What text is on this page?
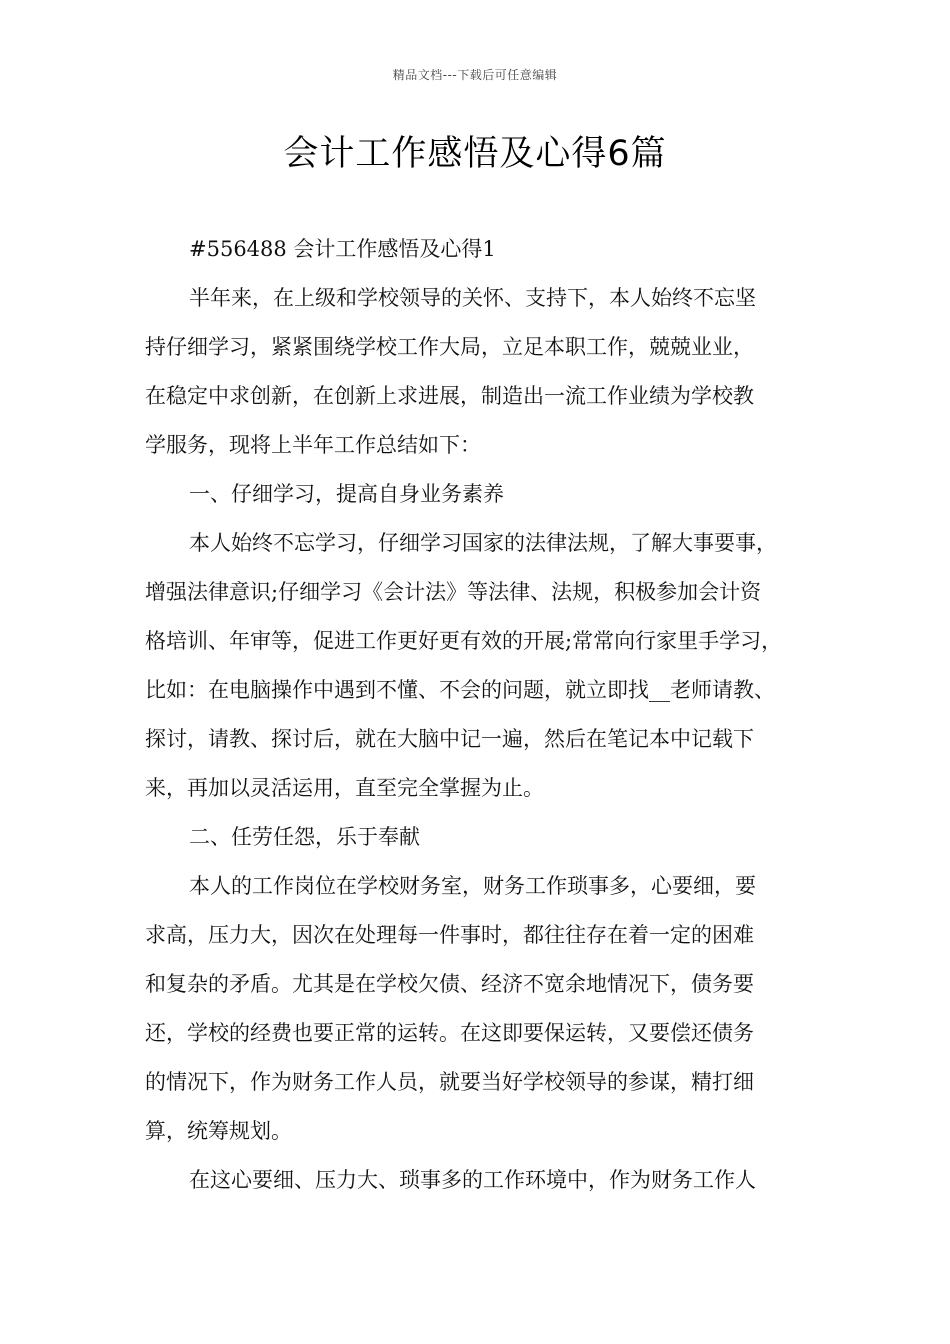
精品文档---下载后可任意编辑
会计工作感悟及心得6篇
#556488 会计工作感悟及心得1
半年来，在上级和学校领导的关怀、支持下，本人始终不忘坚
持仔细学习，紧紧围绕学校工作大局，立足本职工作，兢兢业业，
在稳定中求创新，在创新上求进展，制造出一流工作业绩为学校教
学服务，现将上半年工作总结如下：
一、仔细学习，提高自身业务素养
本人始终不忘学习，仔细学习国家的法律法规，了解大事要事，
增强法律意识;仔细学习《会计法》等法律、法规，积极参加会计资
格培训、年审等，促进工作更好更有效的开展;常常向行家里手学习，
比如：在电脑操作中遇到不懂、不会的问题，就立即找__老师请教、
探讨，请教、探讨后，就在大脑中记一遍，然后在笔记本中记载下
来，再加以灵活运用，直至完全掌握为止。
二、任劳任怨，乐于奉献
本人的工作岗位在学校财务室，财务工作琐事多，心要细，要
求高，压力大，因次在处理每一件事时，都往往存在着一定的困难
和复杂的矛盾。尤其是在学校欠债、经济不宽余地情况下，债务要
还，学校的经费也要正常的运转。在这即要保运转，又要偿还债务
的情况下，作为财务工作人员，就要当好学校领导的参谋，精打细
算，统筹规划。
在这心要细、压力大、琐事多的工作环境中，作为财务工作人
